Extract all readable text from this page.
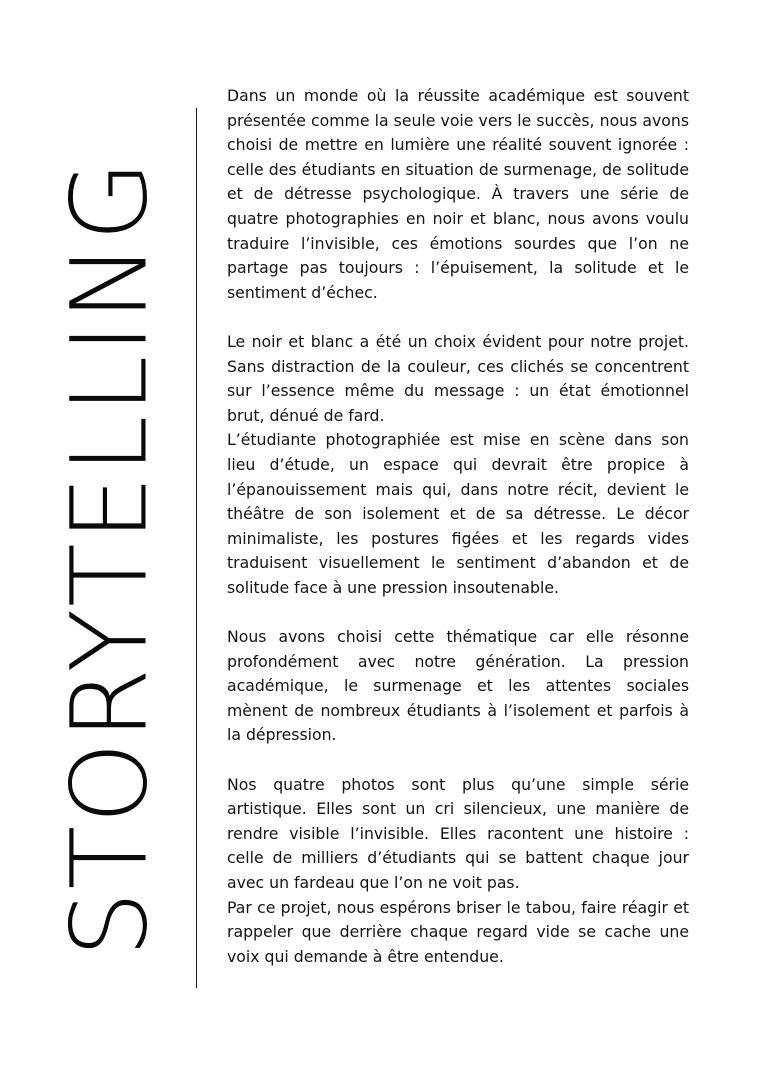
STORYTELLING

Dans un monde où la réussite académique est souvent présentée comme la seule voie vers le succès, nous avons choisi de mettre en lumière une réalité souvent ignorée : celle des étudiants en situation de surmenage, de solitude et de détresse psychologique. À travers une série de quatre photographies en noir et blanc, nous avons voulu traduire l’invisible, ces émotions sourdes que l’on ne partage pas toujours : l’épuisement, la solitude et le sentiment d’échec.

Le noir et blanc a été un choix évident pour notre projet. Sans distraction de la couleur, ces clichés se concentrent sur l’essence même du message : un état émotionnel brut, dénué de fard.

L’étudiante photographiée est mise en scène dans son lieu d’étude, un espace qui devrait être propice à l’épanouissement mais qui, dans notre récit, devient le théâtre de son isolement et de sa détresse. Le décor minimaliste, les postures figées et les regards vides traduisent visuellement le sentiment d’abandon et de solitude face à une pression insoutenable.

Nous avons choisi cette thématique car elle résonne profondément avec notre génération. La pression académique, le surmenage et les attentes sociales mènent de nombreux étudiants à l’isolement et parfois à la dépression.

Nos quatre photos sont plus qu’une simple série artistique. Elles sont un cri silencieux, une manière de rendre visible l’invisible. Elles racontent une histoire : celle de milliers d’étudiants qui se battent chaque jour avec un fardeau que l’on ne voit pas.

Par ce projet, nous espérons briser le tabou, faire réagir et rappeler que derrière chaque regard vide se cache une voix qui demande à être entendue.
